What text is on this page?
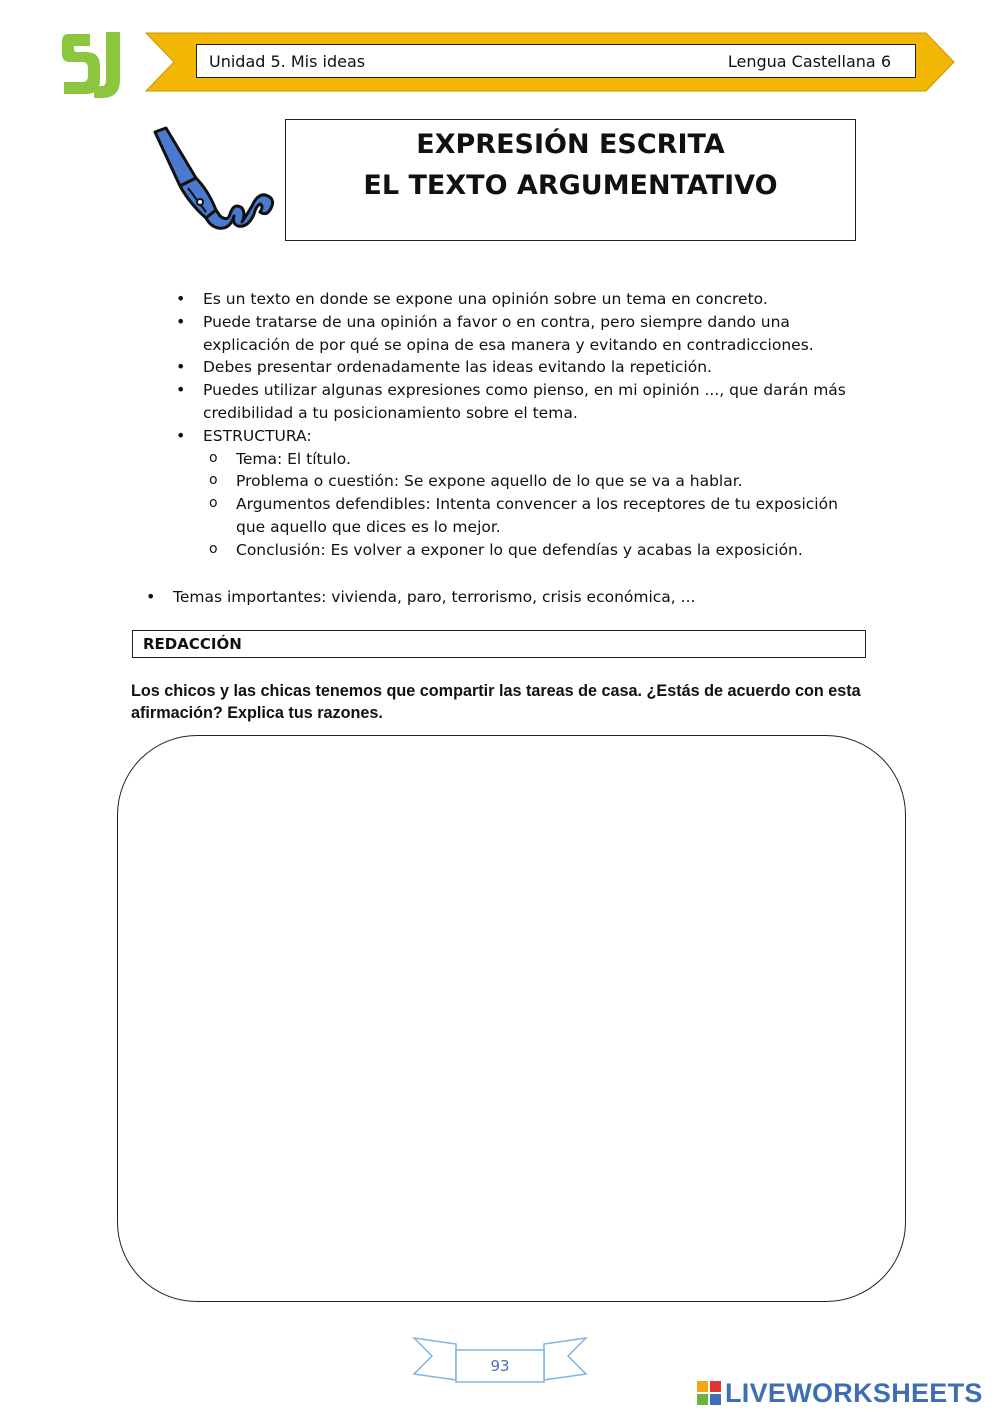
Unidad 5. Mis ideas	Lengua Castellana 6
EXPRESIÓN ESCRITA
EL TEXTO ARGUMENTATIVO
• Es un texto en donde se expone una opinión sobre un tema en concreto.
• Puede tratarse de una opinión a favor o en contra, pero siempre dando una explicación de por qué se opina de esa manera y evitando en contradicciones.
• Debes presentar ordenadamente las ideas evitando la repetición.
• Puedes utilizar algunas expresiones como pienso, en mi opinión ..., que darán más credibilidad a tu posicionamiento sobre el tema.
• ESTRUCTURA:
o Tema: El título.
o Problema o cuestión: Se expone aquello de lo que se va a hablar.
o Argumentos defendibles: Intenta convencer a los receptores de tu exposición que aquello que dices es lo mejor.
o Conclusión: Es volver a exponer lo que defendías y acabas la exposición.
• Temas importantes: vivienda, paro, terrorismo, crisis económica, ...
REDACCIÓN
Los chicos y las chicas tenemos que compartir las tareas de casa. ¿Estás de acuerdo con esta afirmación? Explica tus razones.
93
LIVEWORKSHEETS
